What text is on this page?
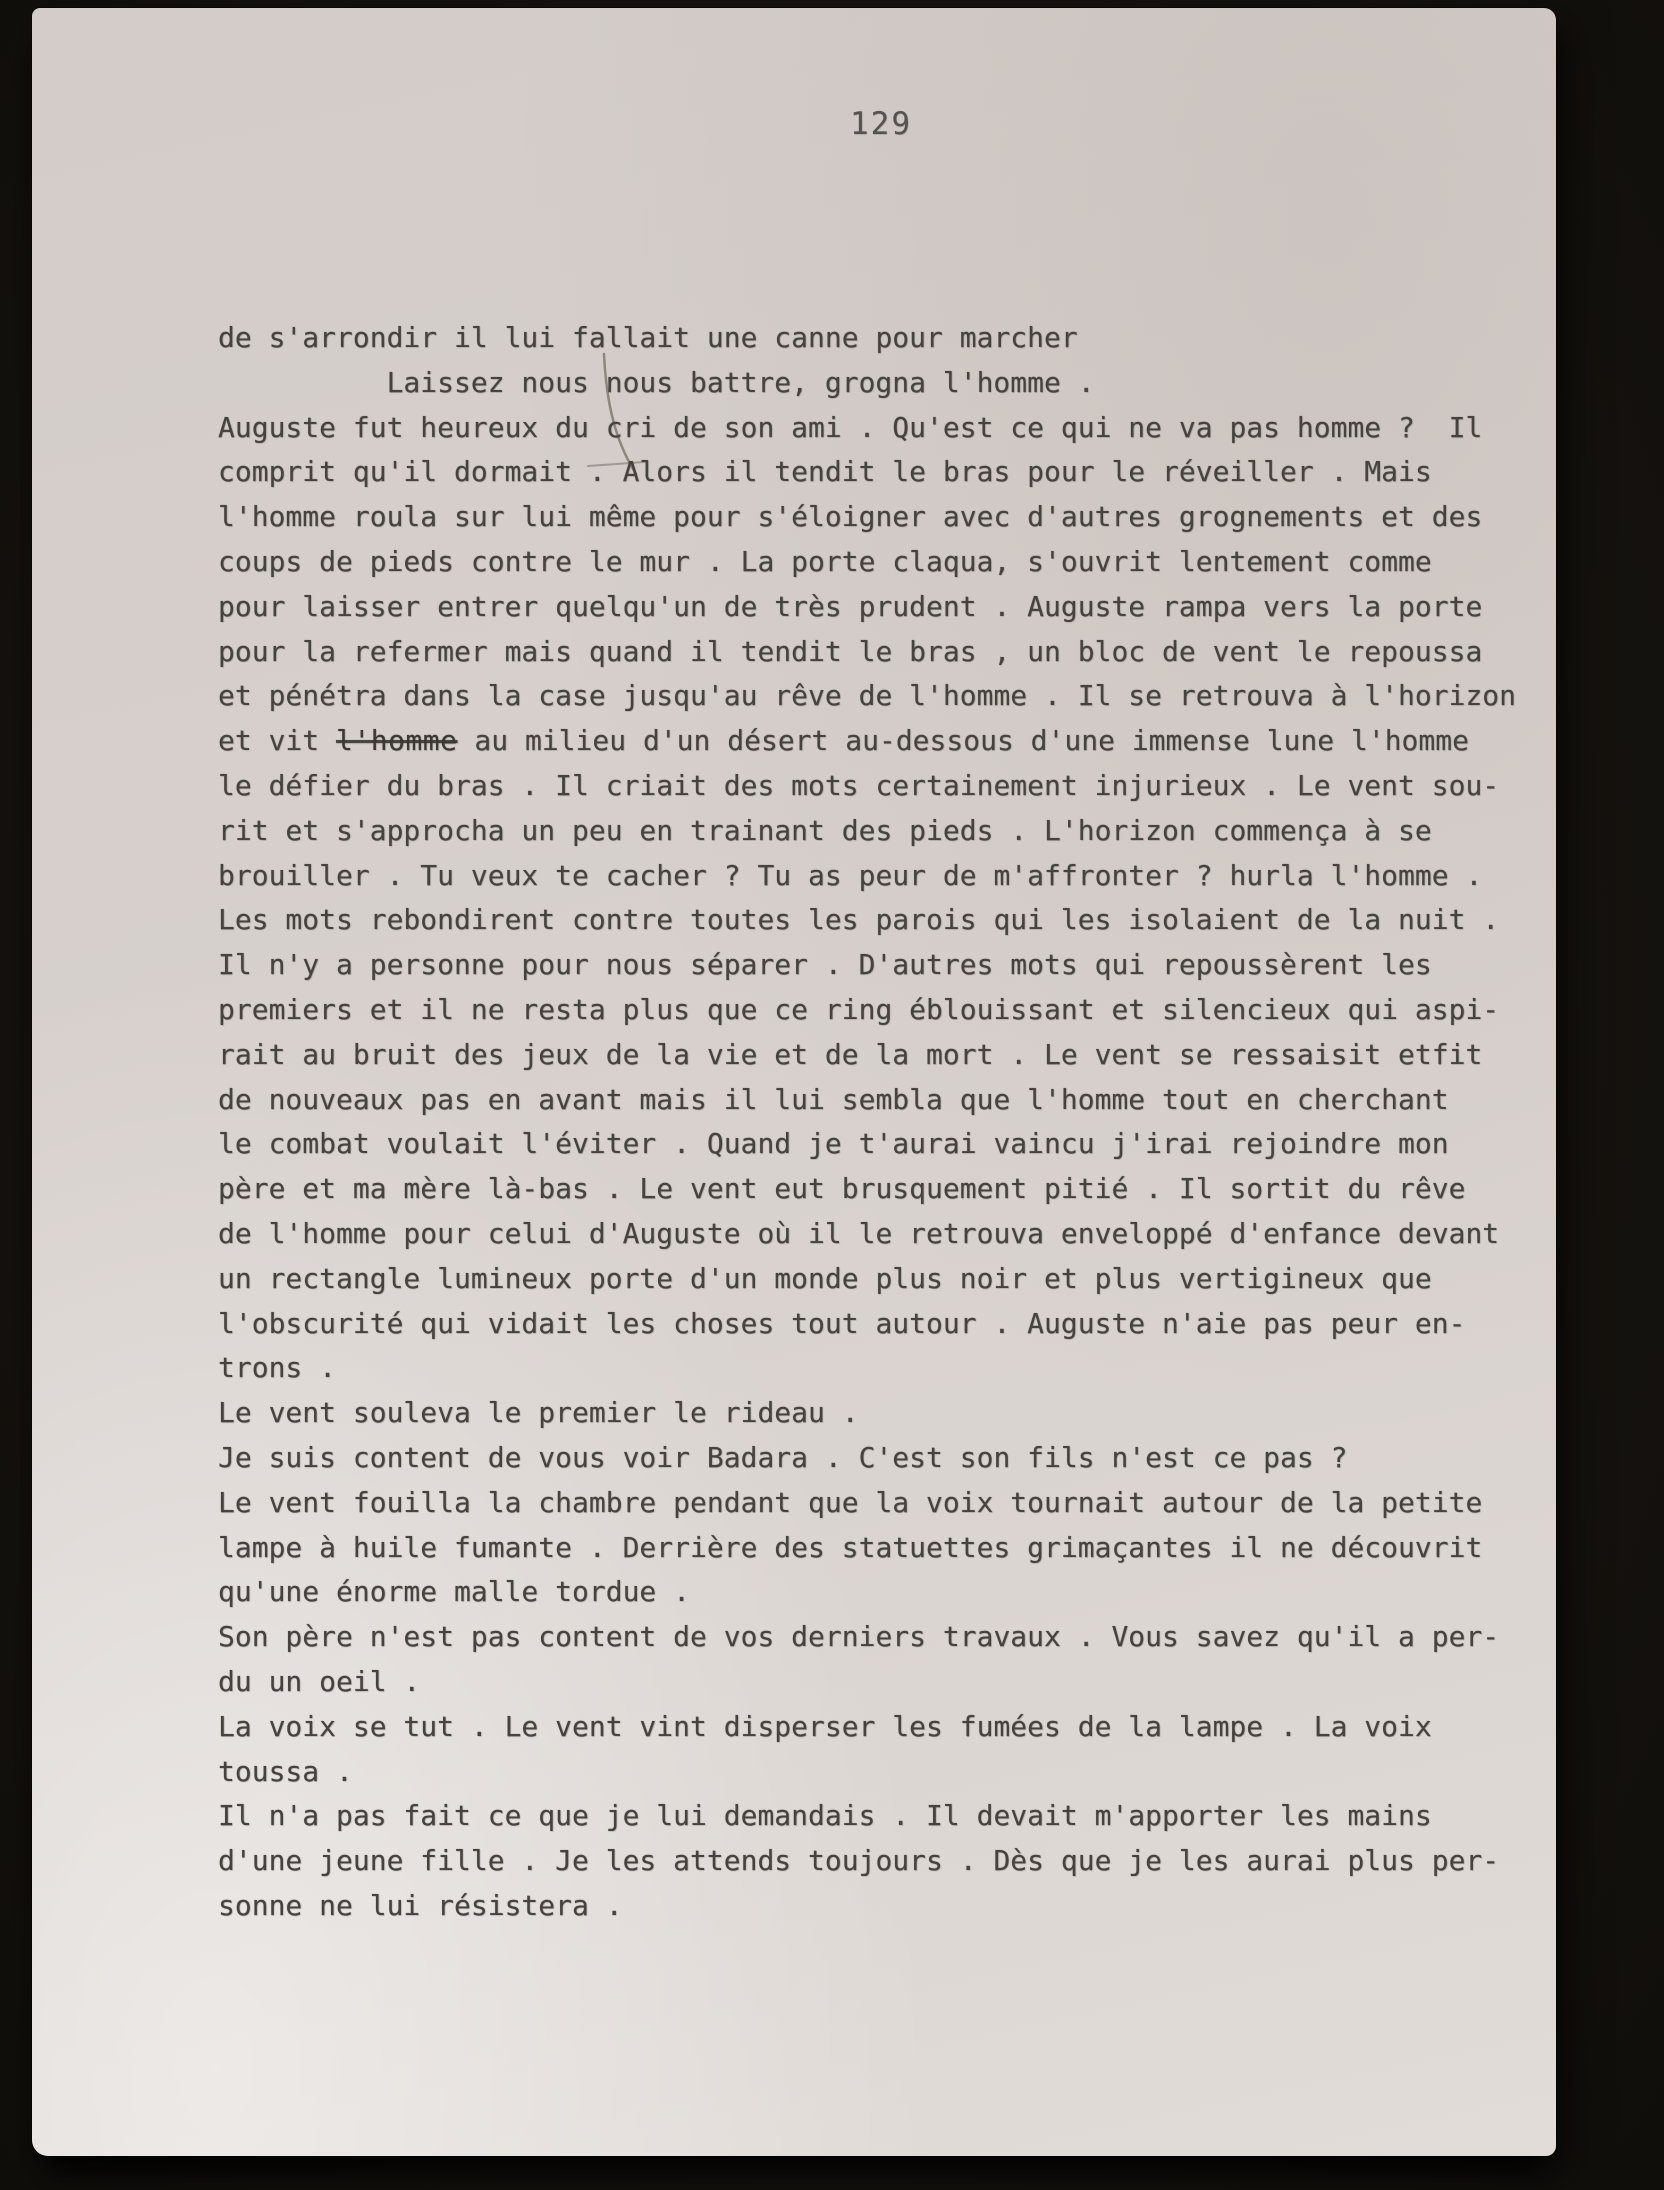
129
de s'arrondir il lui fallait une canne pour marcher
Laissez nous nous battre, grogna l'homme .
Auguste fut heureux du cri de son ami . Qu'est ce qui ne va pas homme ?  Il
comprit qu'il dormait . Alors il tendit le bras pour le réveiller . Mais
l'homme roula sur lui même pour s'éloigner avec d'autres grognements et des
coups de pieds contre le mur . La porte claqua, s'ouvrit lentement comme
pour laisser entrer quelqu'un de très prudent . Auguste rampa vers la porte
pour la refermer mais quand il tendit le bras , un bloc de vent le repoussa
et pénétra dans la case jusqu'au rêve de l'homme . Il se retrouva à l'horizon
et vit l'homme au milieu d'un désert au-dessous d'une immense lune l'homme
le défier du bras . Il criait des mots certainement injurieux . Le vent sou-
rit et s'approcha un peu en trainant des pieds . L'horizon commença à se
brouiller . Tu veux te cacher ? Tu as peur de m'affronter ? hurla l'homme .
Les mots rebondirent contre toutes les parois qui les isolaient de la nuit .
Il n'y a personne pour nous séparer . D'autres mots qui repoussèrent les
premiers et il ne resta plus que ce ring éblouissant et silencieux qui aspi-
rait au bruit des jeux de la vie et de la mort . Le vent se ressaisit etfit
de nouveaux pas en avant mais il lui sembla que l'homme tout en cherchant
le combat voulait l'éviter . Quand je t'aurai vaincu j'irai rejoindre mon
père et ma mère là-bas . Le vent eut brusquement pitié . Il sortit du rêve
de l'homme pour celui d'Auguste où il le retrouva enveloppé d'enfance devant
un rectangle lumineux porte d'un monde plus noir et plus vertigineux que
l'obscurité qui vidait les choses tout autour . Auguste n'aie pas peur en-
trons .
Le vent souleva le premier le rideau .
Je suis content de vous voir Badara . C'est son fils n'est ce pas ?
Le vent fouilla la chambre pendant que la voix tournait autour de la petite
lampe à huile fumante . Derrière des statuettes grimaçantes il ne découvrit
qu'une énorme malle tordue .
Son père n'est pas content de vos derniers travaux . Vous savez qu'il a per-
du un oeil .
La voix se tut . Le vent vint disperser les fumées de la lampe . La voix
toussa .
Il n'a pas fait ce que je lui demandais . Il devait m'apporter les mains
d'une jeune fille . Je les attends toujours . Dès que je les aurai plus per-
sonne ne lui résistera .
